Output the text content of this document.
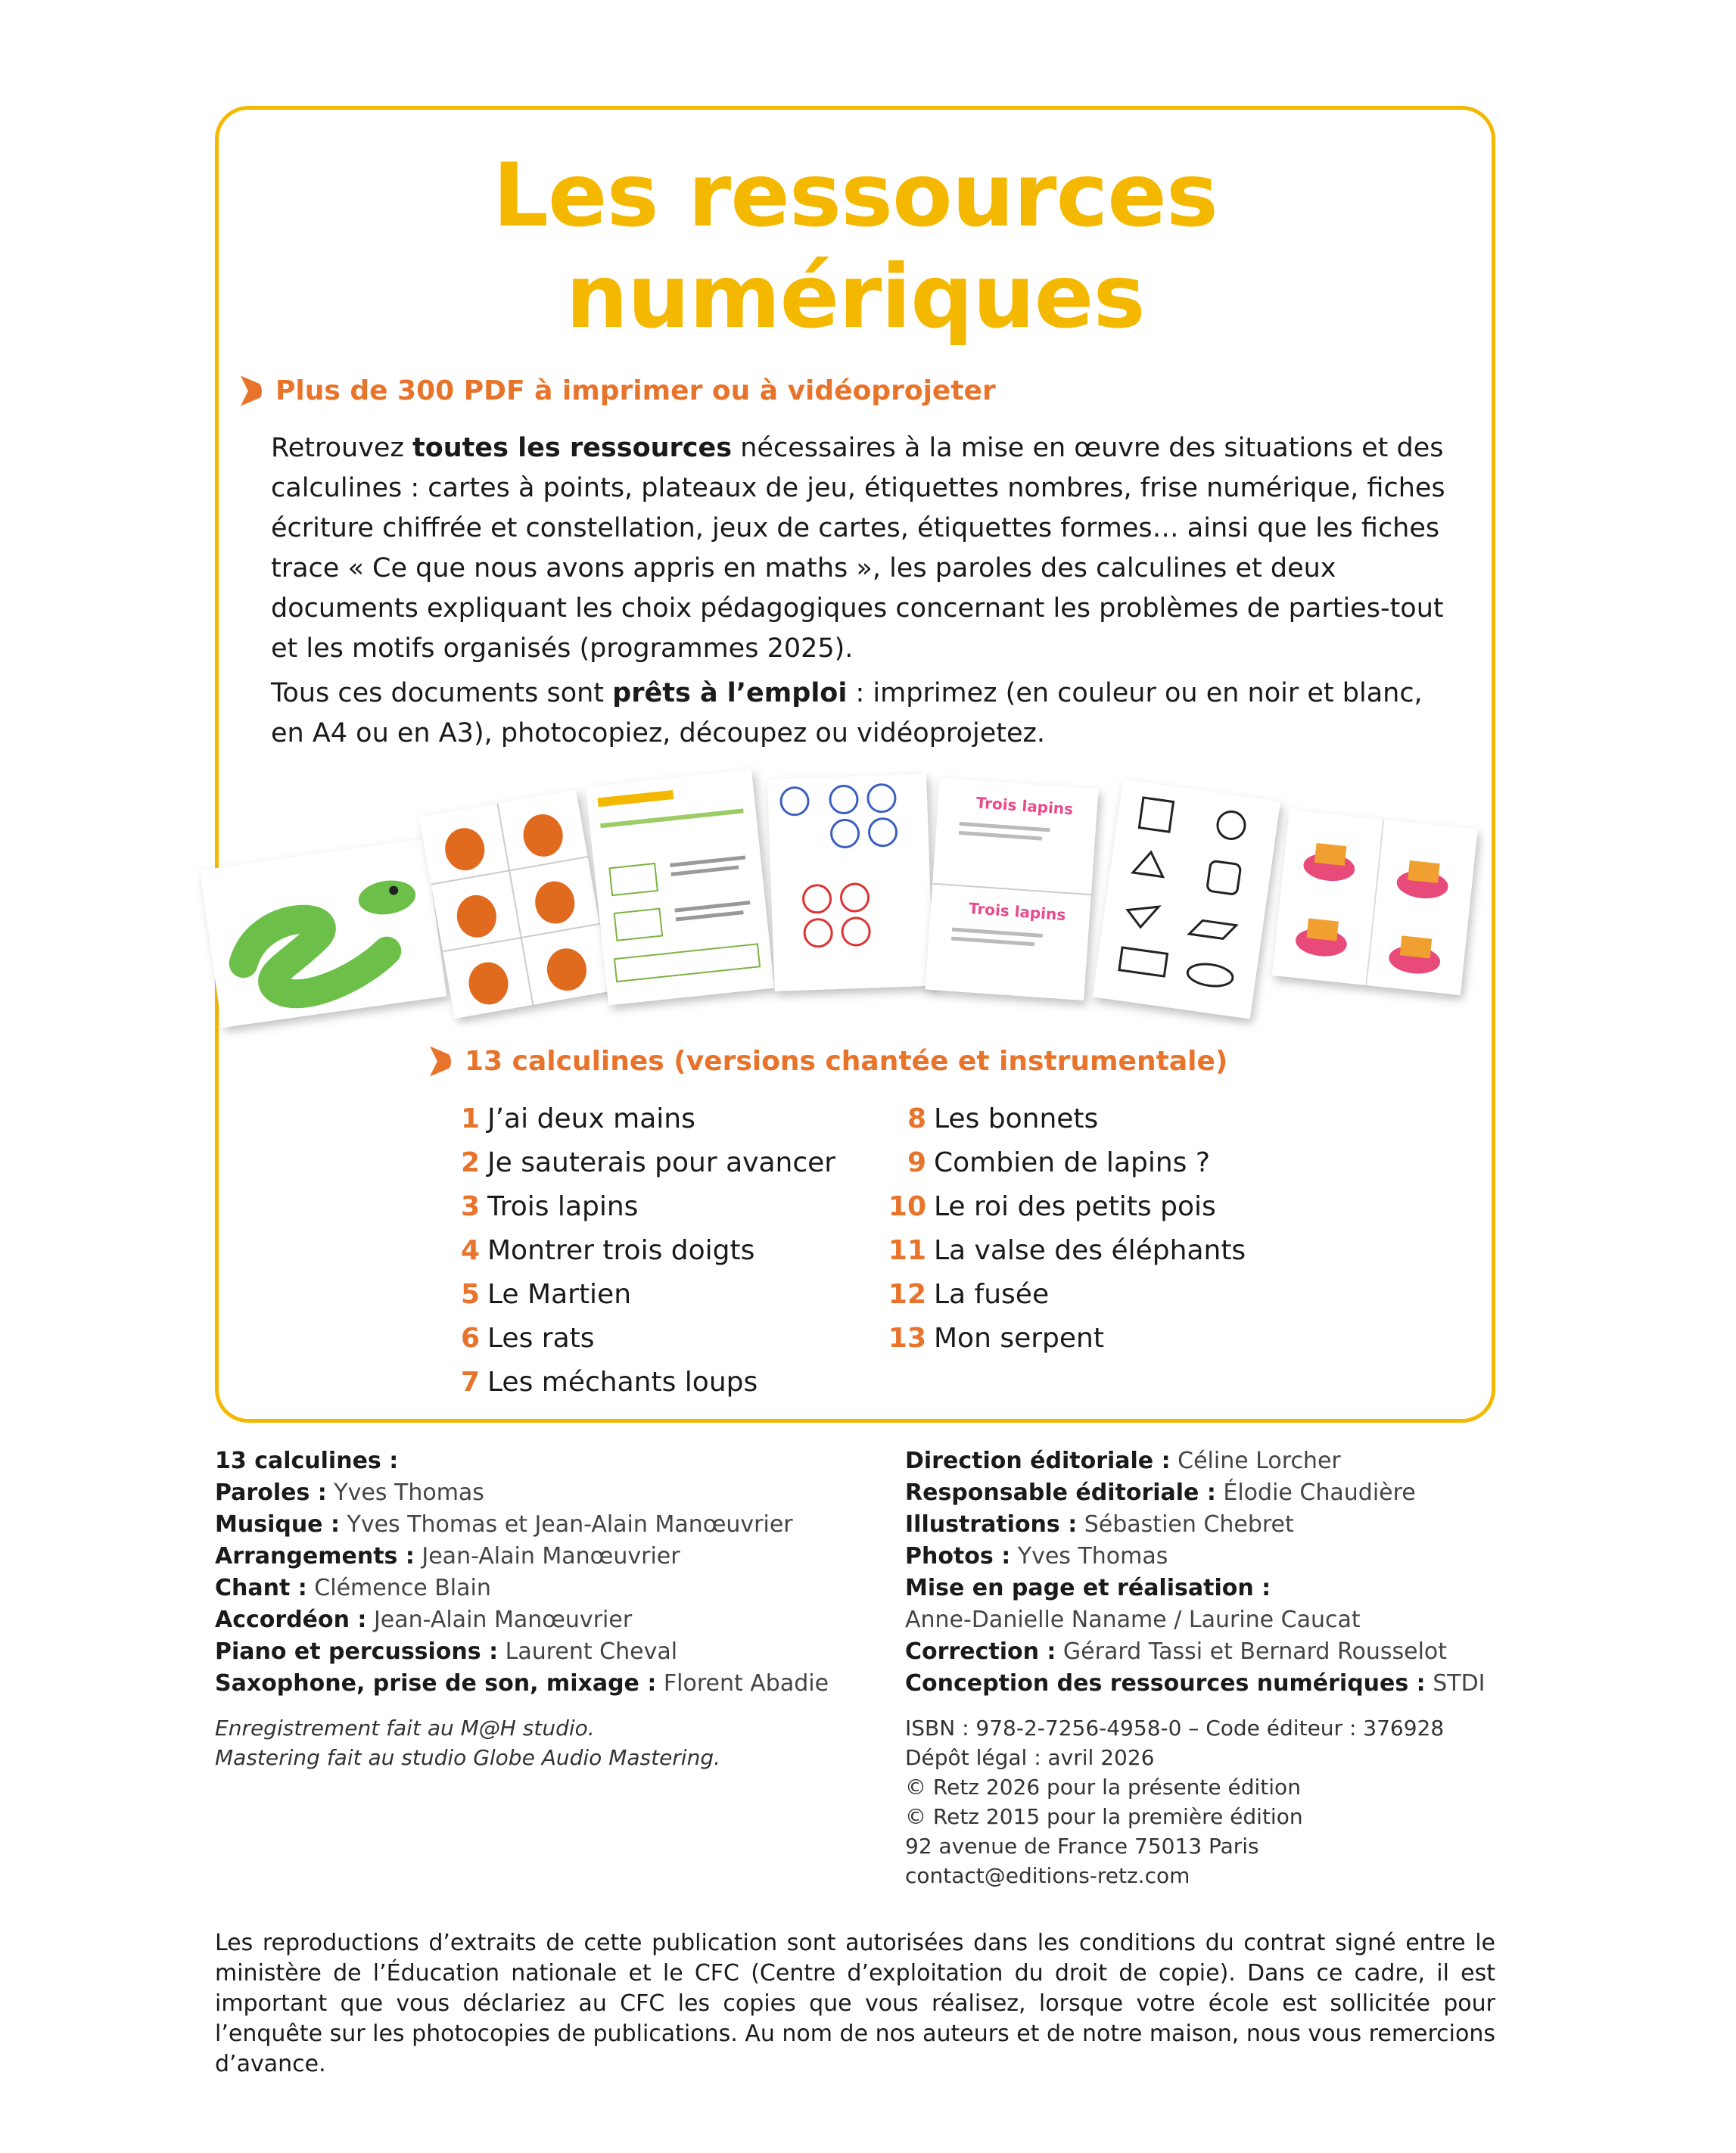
Les ressources
numériques
Plus de 300 PDF à imprimer ou à vidéoprojeter
Retrouvez toutes les ressources nécessaires à la mise en œuvre des situations et des calculines : cartes à points, plateaux de jeu, étiquettes nombres, frise numérique, fiches écriture chiffrée et constellation, jeux de cartes, étiquettes formes… ainsi que les fiches trace « Ce que nous avons appris en maths », les paroles des calculines et deux documents expliquant les choix pédagogiques concernant les problèmes de parties-tout et les motifs organisés (programmes 2025).
Tous ces documents sont prêts à l’emploi : imprimez (en couleur ou en noir et blanc, en A4 ou en A3), photocopiez, découpez ou vidéoprojetez.
Trois lapins
Trois lapins
13 calculines (versions chantée et instrumentale)
1 J’ai deux mains
2 Je sauterais pour avancer
3 Trois lapins
4 Montrer trois doigts
5 Le Martien
6 Les rats
7 Les méchants loups
8 Les bonnets
9 Combien de lapins ?
10 Le roi des petits pois
11 La valse des éléphants
12 La fusée
13 Mon serpent
13 calculines :
Paroles : Yves Thomas
Musique : Yves Thomas et Jean-Alain Manœuvrier
Arrangements : Jean-Alain Manœuvrier
Chant : Clémence Blain
Accordéon : Jean-Alain Manœuvrier
Piano et percussions : Laurent Cheval
Saxophone, prise de son, mixage : Florent Abadie
Enregistrement fait au M@H studio.
Mastering fait au studio Globe Audio Mastering.
Direction éditoriale : Céline Lorcher
Responsable éditoriale : Élodie Chaudière
Illustrations : Sébastien Chebret
Photos : Yves Thomas
Mise en page et réalisation :
Anne-Danielle Naname / Laurine Caucat
Correction : Gérard Tassi et Bernard Rousselot
Conception des ressources numériques : STDI
ISBN : 978-2-7256-4958-0 – Code éditeur : 376928
Dépôt légal : avril 2026
© Retz 2026 pour la présente édition
© Retz 2015 pour la première édition
92 avenue de France 75013 Paris
contact@editions-retz.com
Les reproductions d’extraits de cette publication sont autorisées dans les conditions du contrat signé entre le ministère de l’Éducation nationale et le CFC (Centre d’exploitation du droit de copie). Dans ce cadre, il est important que vous déclariez au CFC les copies que vous réalisez, lorsque votre école est sollicitée pour l’enquête sur les photocopies de publications. Au nom de nos auteurs et de notre maison, nous vous remercions d’avance.
